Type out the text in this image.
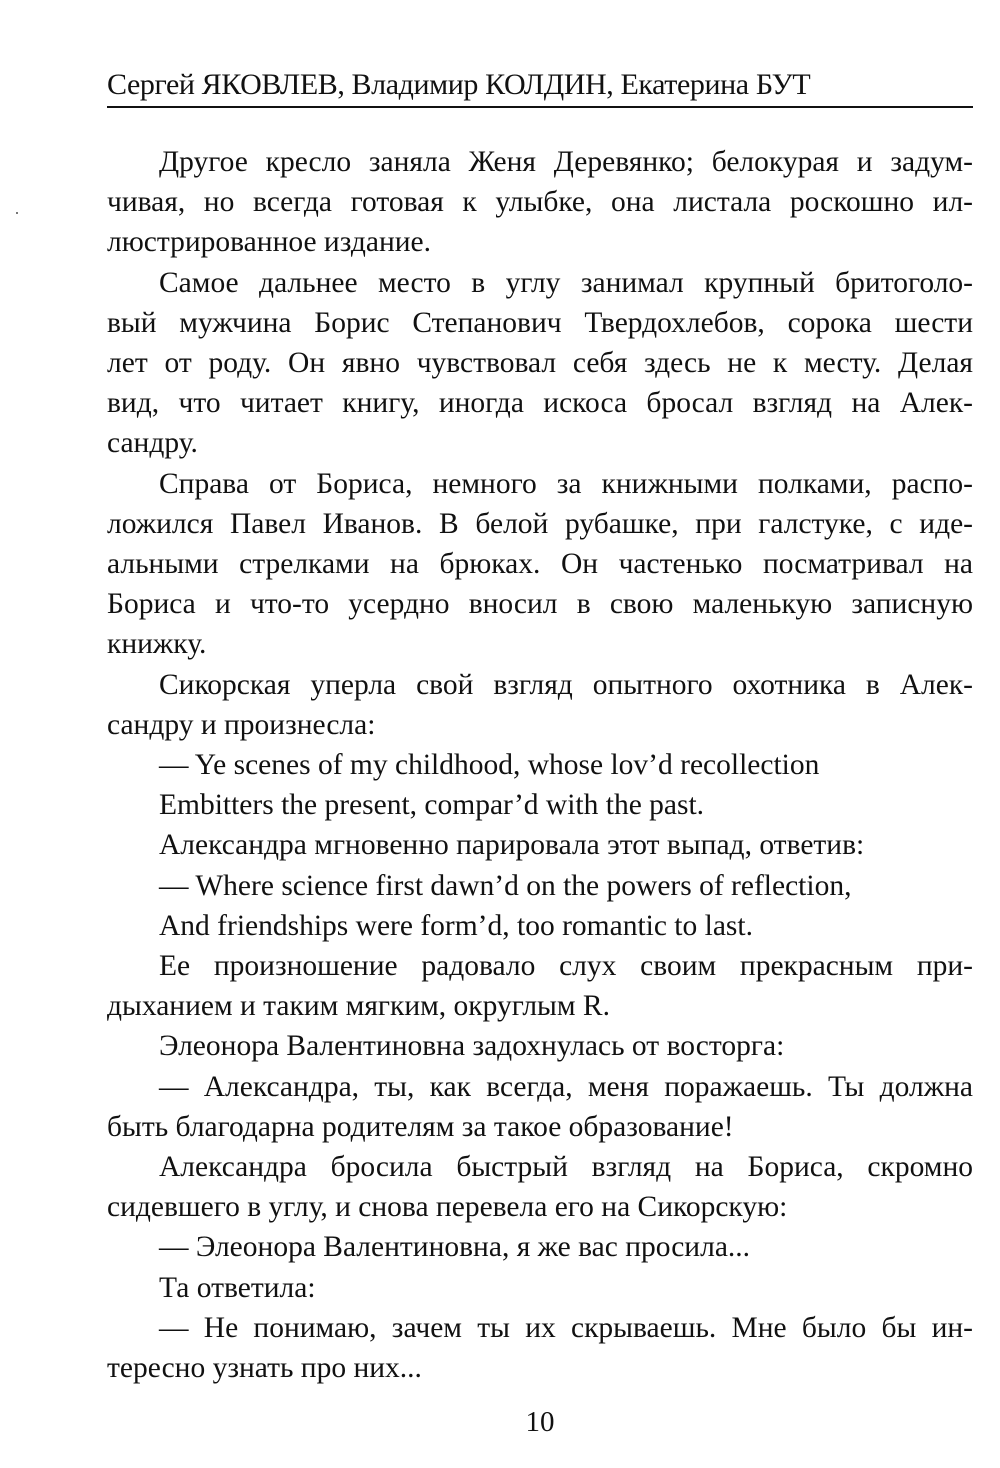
Сергей ЯКОВЛЕВ, Владимир КОЛДИН, Екатерина БУТ

Другое кресло заняла Женя Деревянко; белокурая и задум-
чивая, но всегда готовая к улыбке, она листала роскошно ил-
люстрированное издание.

Самое дальнее место в углу занимал крупный бритоголо-
вый мужчина Борис Степанович Твердохлебов, сорока шести
лет от роду. Он явно чувствовал себя здесь не к месту. Делая
вид, что читает книгу, иногда искоса бросал взгляд на Алек-
сандру.

Справа от Бориса, немного за книжными полками, распо-
ложился Павел Иванов. В белой рубашке, при галстуке, с иде-
альными стрелками на брюках. Он частенько посматривал на
Бориса и что-то усердно вносил в свою маленькую записную
книжку.

Сикорская уперла свой взгляд опытного охотника в Алек-
сандру и произнесла:

— Ye scenes of my childhood, whose lov’d recollection
Embitters the present, compar’d with the past.

Александра мгновенно парировала этот выпад, ответив:

— Where science first dawn’d on the powers of reflection,
And friendships were form’d, too romantic to last.

Ее произношение радовало слух своим прекрасным при-
дыханием и таким мягким, округлым R.

Элеонора Валентиновна задохнулась от восторга:

— Александра, ты, как всегда, меня поражаешь. Ты должна
быть благодарна родителям за такое образование!

Александра бросила быстрый взгляд на Бориса, скромно
сидевшего в углу, и снова перевела его на Сикорскую:

— Элеонора Валентиновна, я же вас просила...

Та ответила:

— Не понимаю, зачем ты их скрываешь. Мне было бы ин-
тересно узнать про них...

10
